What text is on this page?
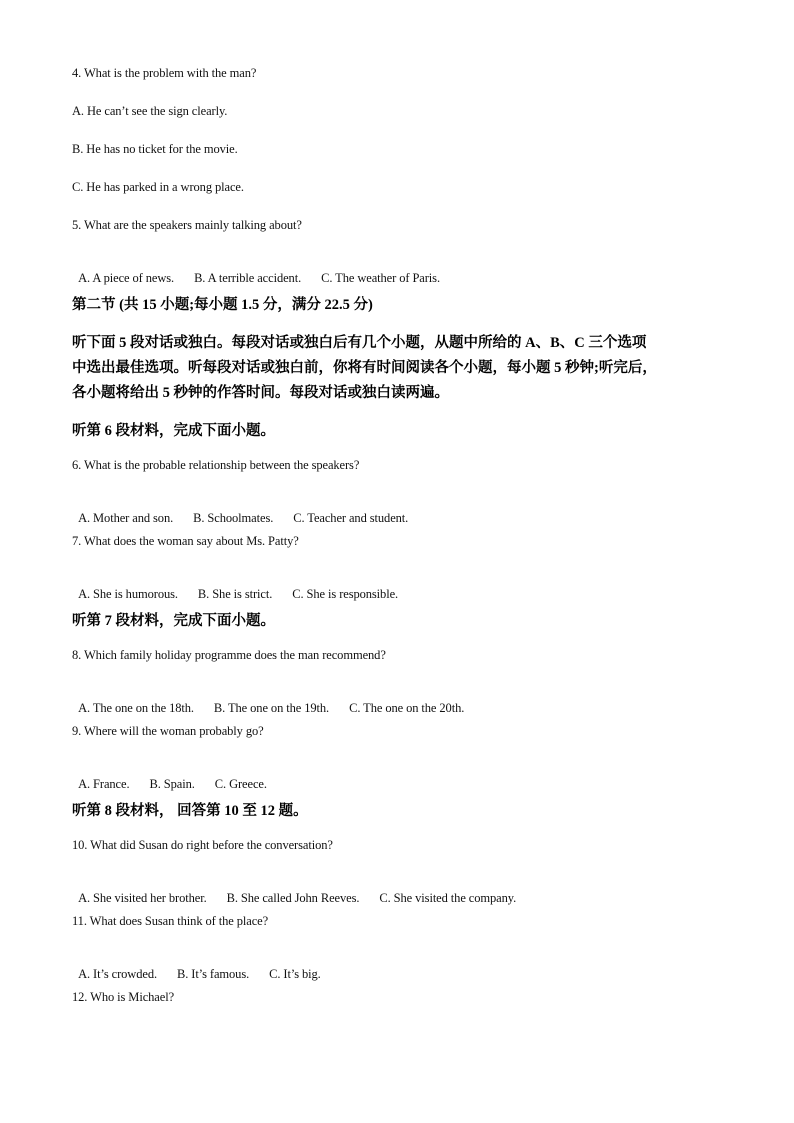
4. What is the problem with the man?
A. He can’t see the sign clearly.
B. He has no ticket for the movie.
C. He has parked in a wrong place.
5. What are the speakers mainly talking about?

A. A piece of news. B. A terrible accident. C. The weather of Paris.

第二节 (共 15 小题;每小题 1.5 分，满分 22.5 分)
听下面 5 段对话或独白。每段对话或独白后有几个小题，从题中所给的 A、B、C 三个选项
中选出最佳选项。听每段对话或独白前，你将有时间阅读各个小题，每小题 5 秒钟;听完后，
各小题将给出 5 秒钟的作答时间。每段对话或独白读两遍。
听第 6 段材料，完成下面小题。
6. What is the probable relationship between the speakers?

A. Mother and son. B. Schoolmates. C. Teacher and student.

7. What does the woman say about Ms. Patty?

A. She is humorous. B. She is strict. C. She is responsible.

听第 7 段材料，完成下面小题。
8. Which family holiday programme does the man recommend?

A. The one on the 18th. B. The one on the 19th. C. The one on the 20th.

9. Where will the woman probably go?

A. France. B. Spain. C. Greece.

听第 8 段材料， 回答第 10 至 12 题。
10. What did Susan do right before the conversation?

A. She visited her brother. B. She called John Reeves. C. She visited the company.

11. What does Susan think of the place?

A. It’s crowded. B. It’s famous. C. It’s big.

12. Who is Michael?
